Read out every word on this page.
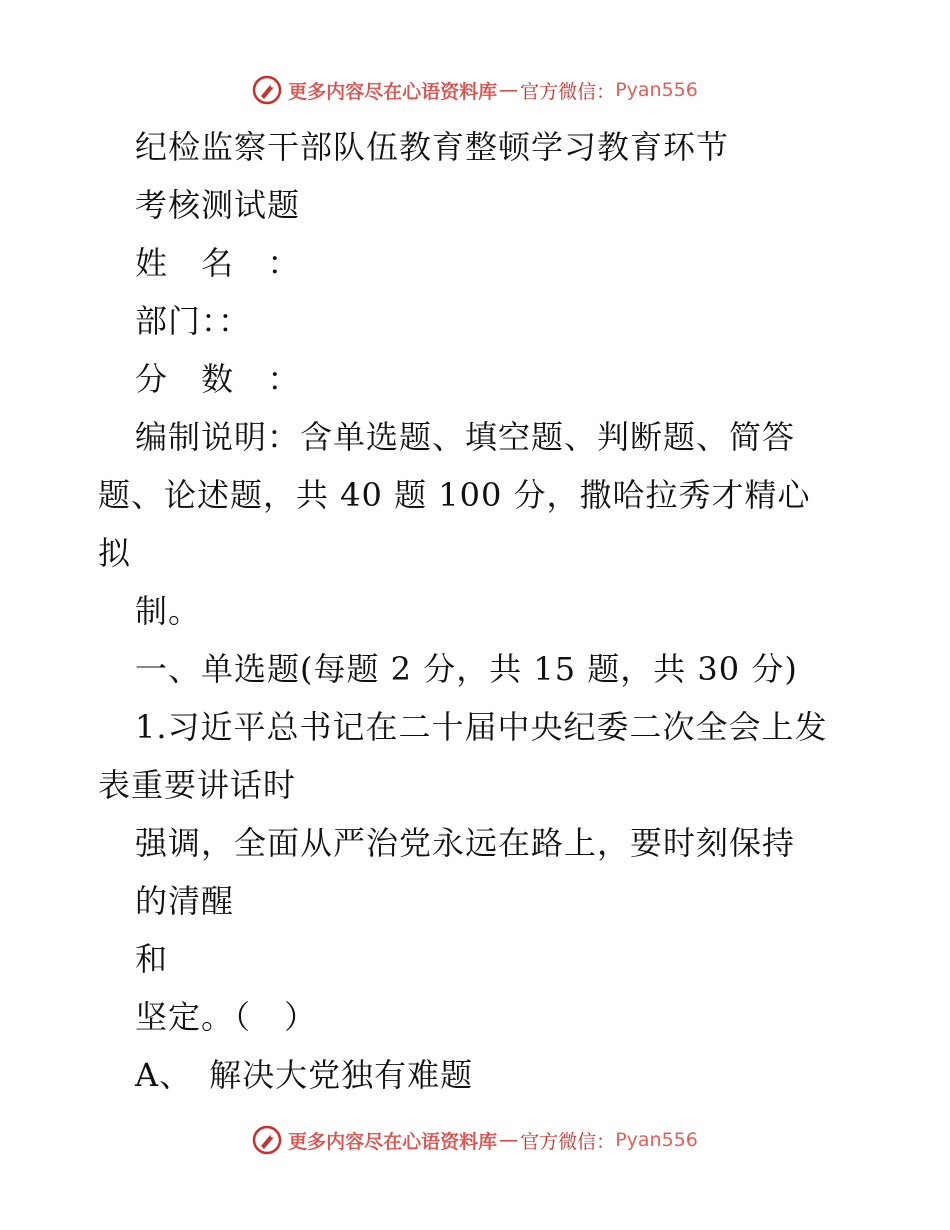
更多内容尽在心语资料库 — 官方微信： Pyan556
纪检监察干部队伍教育整顿学习教育环节
考核测试题
姓 名 ：
部门：：
分 数 ：
编制说明：含单选题、填空题、判断题、简答
题、论述题，共 40 题 100 分，撒哈拉秀才精心
拟
制。
一、单选题(每题 2 分，共 15 题，共 30 分)
1.习近平总书记在二十届中央纪委二次全会上发
表重要讲话时
强调，全面从严治党永远在路上，要时刻保持
的清醒
和
坚定。（　）
A、　解决大党独有难题
更多内容尽在心语资料库 — 官方微信： Pyan556
